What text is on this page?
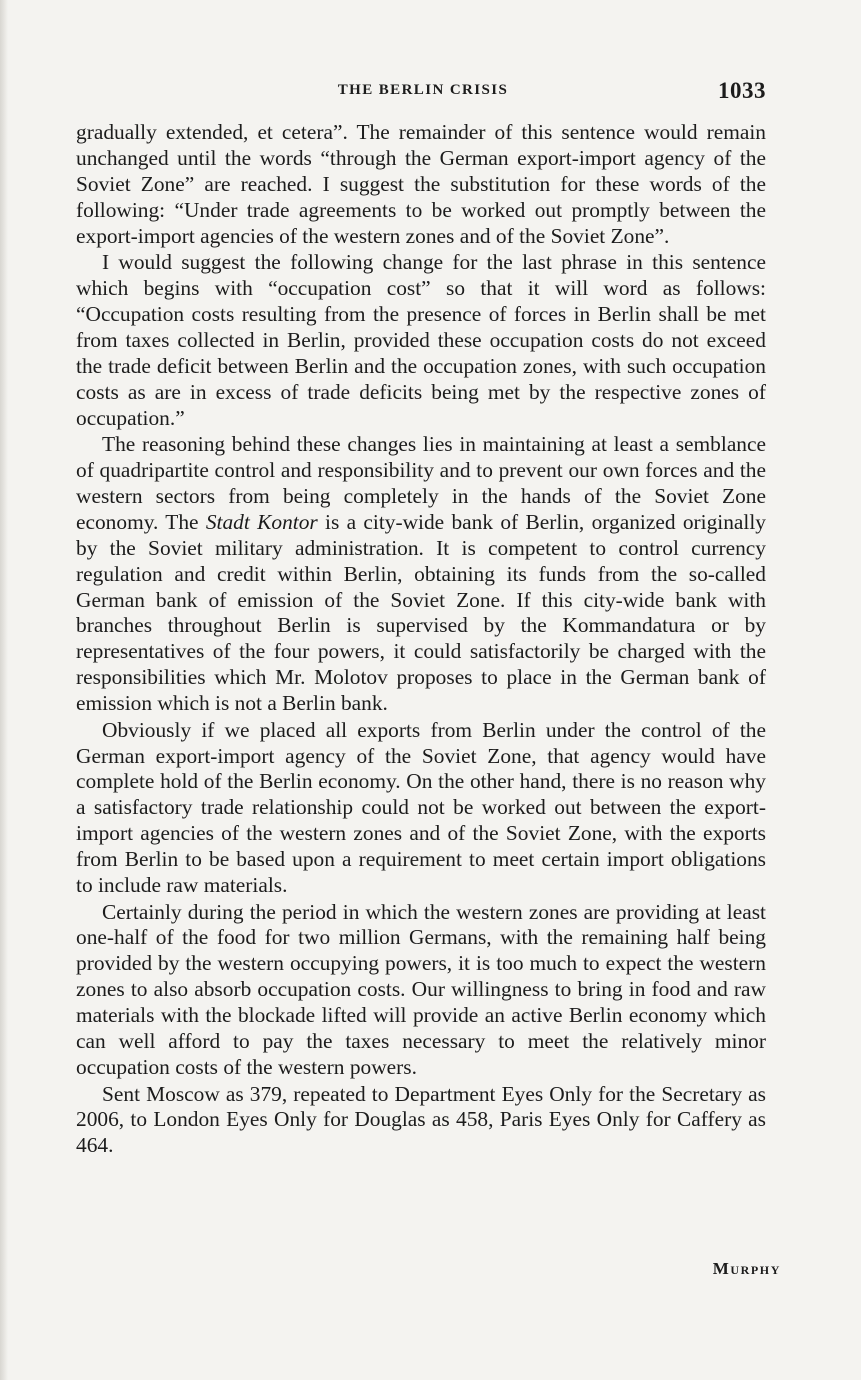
THE BERLIN CRISIS	1033

gradually extended, et cetera”. The remainder of this sentence would remain unchanged until the words “through the German export-import agency of the Soviet Zone” are reached. I suggest the substitution for these words of the following: “Under trade agreements to be worked out promptly between the export-import agencies of the western zones and of the Soviet Zone”.

I would suggest the following change for the last phrase in this sentence which begins with “occupation cost” so that it will word as follows: “Occupation costs resulting from the presence of forces in Berlin shall be met from taxes collected in Berlin, provided these occupation costs do not exceed the trade deficit between Berlin and the occupation zones, with such occupation costs as are in excess of trade deficits being met by the respective zones of occupation.”

The reasoning behind these changes lies in maintaining at least a semblance of quadripartite control and responsibility and to prevent our own forces and the western sectors from being completely in the hands of the Soviet Zone economy. The Stadt Kontor is a city-wide bank of Berlin, organized originally by the Soviet military administration. It is competent to control currency regulation and credit within Berlin, obtaining its funds from the so-called German bank of emission of the Soviet Zone. If this city-wide bank with branches throughout Berlin is supervised by the Kommandatura or by representatives of the four powers, it could satisfactorily be charged with the responsibilities which Mr. Molotov proposes to place in the German bank of emission which is not a Berlin bank.

Obviously if we placed all exports from Berlin under the control of the German export-import agency of the Soviet Zone, that agency would have complete hold of the Berlin economy. On the other hand, there is no reason why a satisfactory trade relationship could not be worked out between the export-import agencies of the western zones and of the Soviet Zone, with the exports from Berlin to be based upon a requirement to meet certain import obligations to include raw materials.

Certainly during the period in which the western zones are providing at least one-half of the food for two million Germans, with the remaining half being provided by the western occupying powers, it is too much to expect the western zones to also absorb occupation costs. Our willingness to bring in food and raw materials with the blockade lifted will provide an active Berlin economy which can well afford to pay the taxes necessary to meet the relatively minor occupation costs of the western powers.

Sent Moscow as 379, repeated to Department Eyes Only for the Secretary as 2006, to London Eyes Only for Douglas as 458, Paris Eyes Only for Caffery as 464.

Murphy
